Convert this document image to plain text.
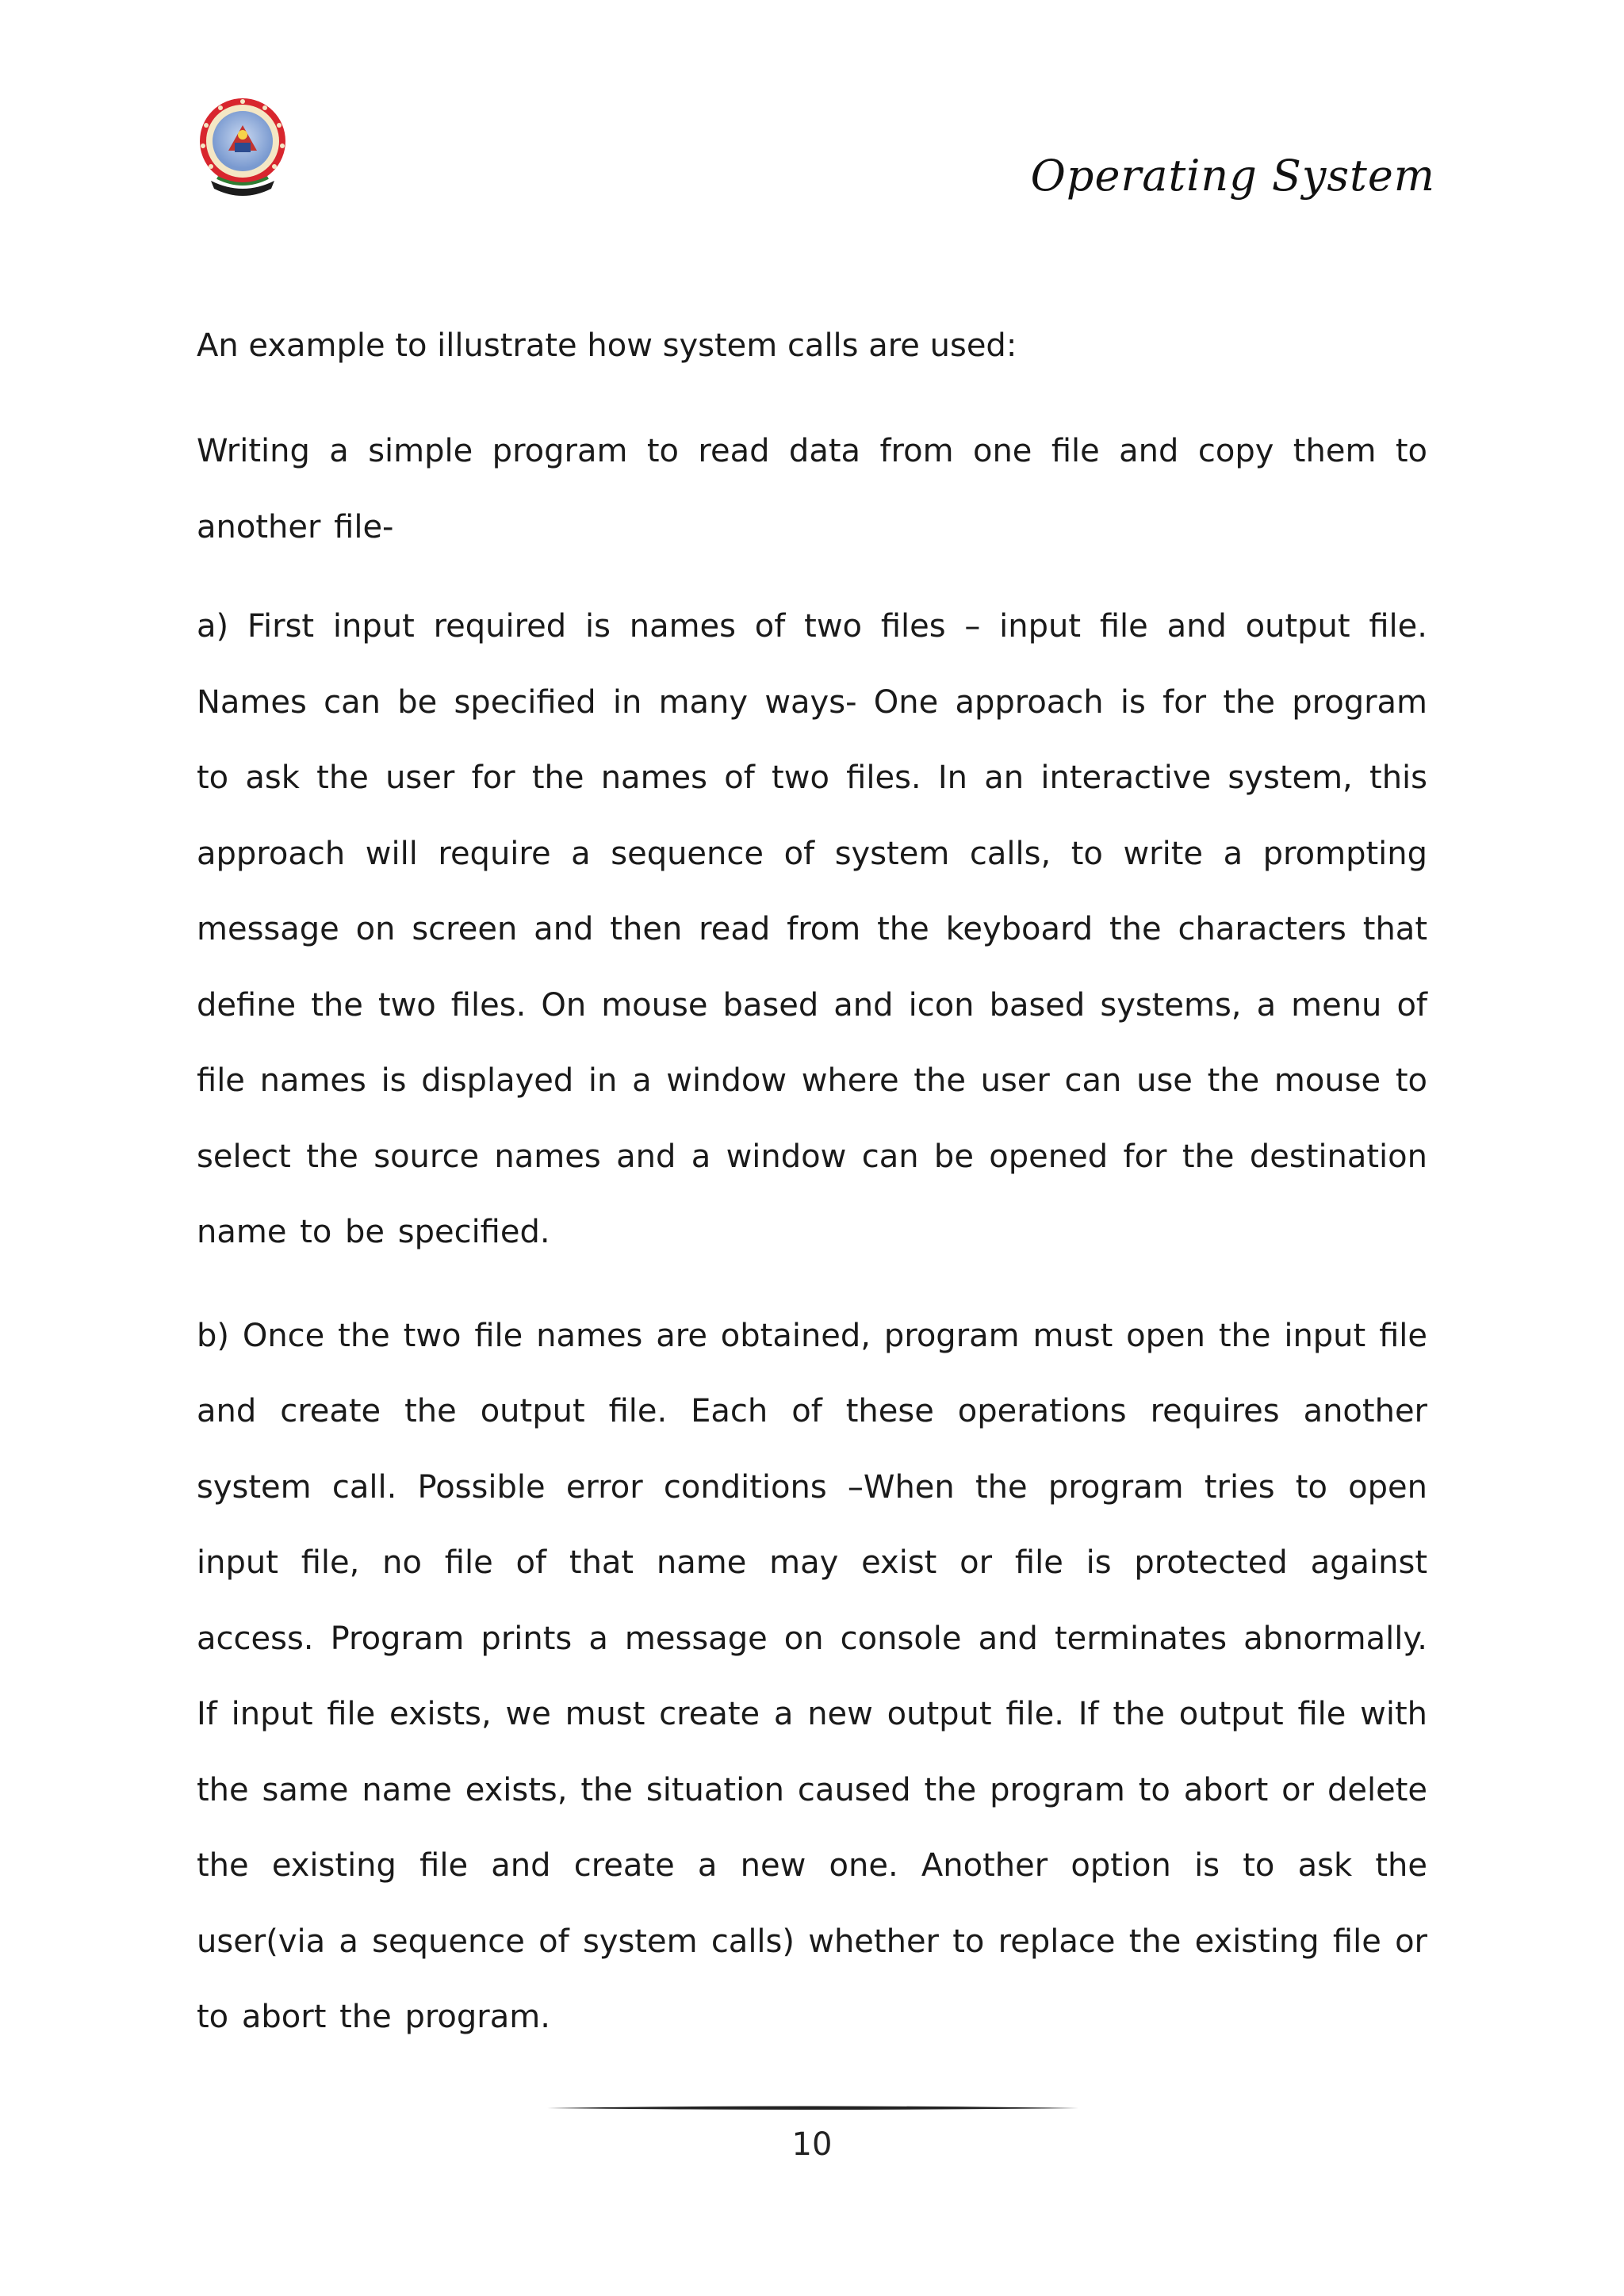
Operating System

An example to illustrate how system calls are used:

Writing a simple program to read data from one file and copy them to another file-

a) First input required is names of two files – input file and output file. Names can be specified in many ways- One approach is for the program to ask the user for the names of two files. In an interactive system, this approach will require a sequence of system calls, to write a prompting message on screen and then read from the keyboard the characters that define the two files. On mouse based and icon based systems, a menu of file names is displayed in a window where the user can use the mouse to select the source names and a window can be opened for the destination name to be specified.

b) Once the two file names are obtained, program must open the input file and create the output file. Each of these operations requires another system call. Possible error conditions –When the program tries to open input file, no file of that name may exist or file is protected against access. Program prints a message on console and terminates abnormally. If input file exists, we must create a new output file. If the output file with the same name exists, the situation caused the program to abort or delete the existing file and create a new one. Another option is to ask the user(via a sequence of system calls) whether to replace the existing file or to abort the program.

10
